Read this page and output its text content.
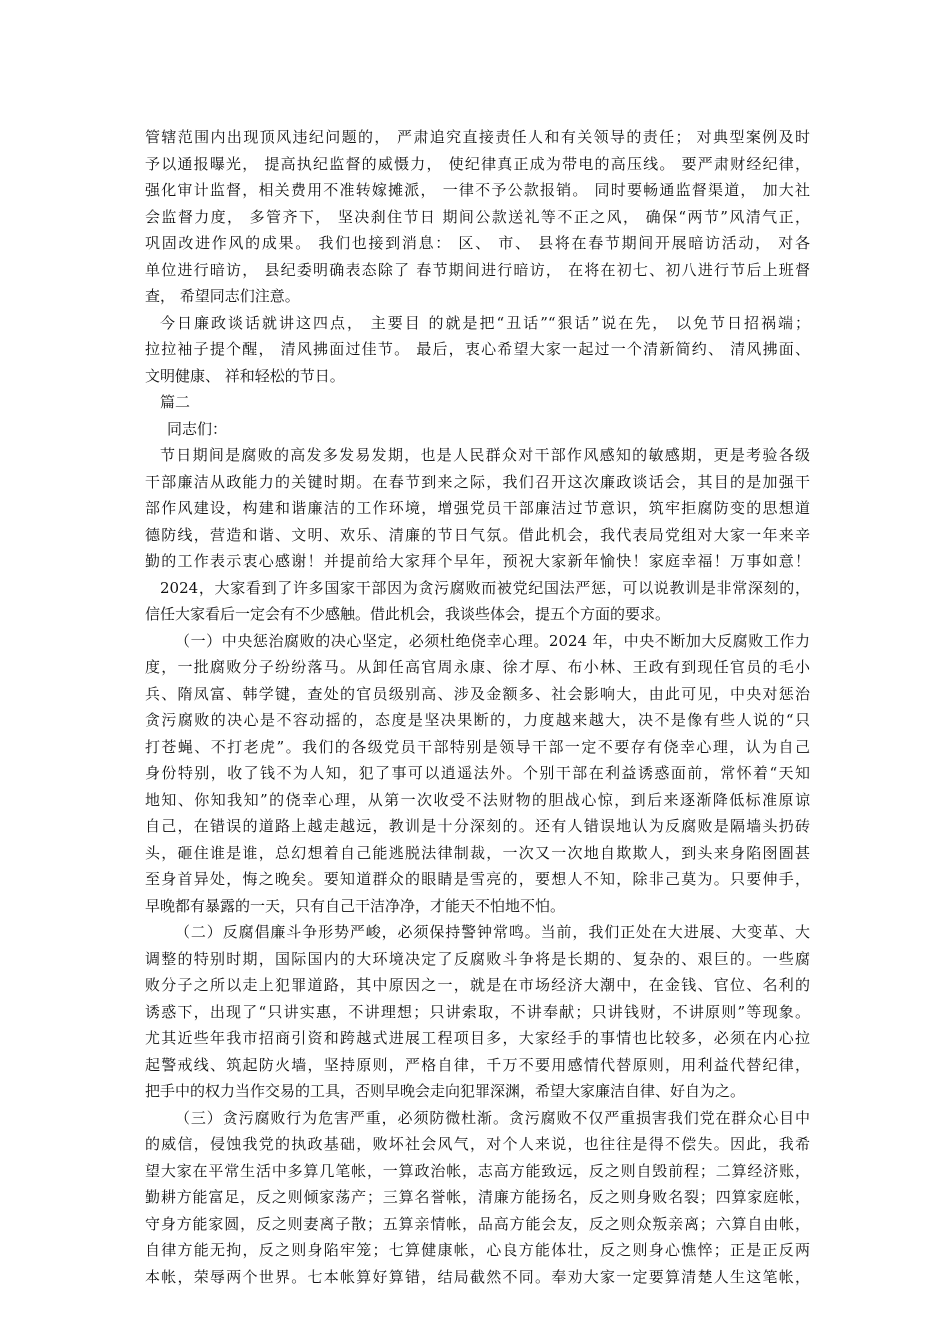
管辖范围内出现顶风违纪问题的， 严肃追究直接责任人和有关领导的责任； 对典型案例及时
予以通报曝光， 提高执纪监督的威慑力， 使纪律真正成为带电的高压线。 要严肃财经纪律，
强化审计监督，相关费用不准转嫁摊派， 一律不予公款报销。 同时要畅通监督渠道， 加大社
会监督力度， 多管齐下， 坚决刹住节日 期间公款送礼等不正之风， 确保“两节”风清气正，
巩固改进作风的成果。 我们也接到消息： 区、 市、 县将在春节期间开展暗访活动， 对各
单位进行暗访， 县纪委明确表态除了 春节期间进行暗访， 在将在初七、初八进行节后上班督
查， 希望同志们注意。
今日廉政谈话就讲这四点， 主要目 的就是把“丑话”“狠话”说在先， 以免节日招祸端；
拉拉袖子提个醒， 清风拂面过佳节。 最后，衷心希望大家一起过一个清新简约、 清风拂面、
文明健康、 祥和轻松的节日。
篇二
同志们：
节日期间是腐败的高发多发易发期，也是人民群众对干部作风感知的敏感期，更是考验各级
干部廉洁从政能力的关键时期。在春节到来之际，我们召开这次廉政谈话会，其目的是加强干
部作风建设，构建和谐廉洁的工作环境，增强党员干部廉洁过节意识，筑牢拒腐防变的思想道
德防线，营造和谐、文明、欢乐、清廉的节日气氛。借此机会，我代表局党组对大家一年来辛
勤的工作表示衷心感谢！并提前给大家拜个早年，预祝大家新年愉快！家庭幸福！万事如意！
2024，大家看到了许多国家干部因为贪污腐败而被党纪国法严惩，可以说教训是非常深刻的，
信任大家看后一定会有不少感触。借此机会，我谈些体会，提五个方面的要求。
（一）中央惩治腐败的决心坚定，必须杜绝侥幸心理。2024 年，中央不断加大反腐败工作力
度，一批腐败分子纷纷落马。从卸任高官周永康、徐才厚、布小林、王政有到现任官员的毛小
兵、隋凤富、韩学键，查处的官员级别高、涉及金额多、社会影响大，由此可见，中央对惩治
贪污腐败的决心是不容动摇的，态度是坚决果断的，力度越来越大，决不是像有些人说的“只
打苍蝇、不打老虎”。我们的各级党员干部特别是领导干部一定不要存有侥幸心理，认为自己
身份特别，收了钱不为人知，犯了事可以逍遥法外。个别干部在利益诱惑面前，常怀着“天知
地知、你知我知”的侥幸心理，从第一次收受不法财物的胆战心惊，到后来逐渐降低标准原谅
自己，在错误的道路上越走越远，教训是十分深刻的。还有人错误地认为反腐败是隔墙头扔砖
头，砸住谁是谁，总幻想着自己能逃脱法律制裁，一次又一次地自欺欺人，到头来身陷囹圄甚
至身首异处，悔之晚矣。要知道群众的眼睛是雪亮的，要想人不知，除非己莫为。只要伸手，
早晚都有暴露的一天，只有自己干洁净净，才能天不怕地不怕。
（二）反腐倡廉斗争形势严峻，必须保持警钟常鸣。当前，我们正处在大进展、大变革、大
调整的特别时期，国际国内的大环境决定了反腐败斗争将是长期的、复杂的、艰巨的。一些腐
败分子之所以走上犯罪道路，其中原因之一，就是在市场经济大潮中，在金钱、官位、名利的
诱惑下，出现了“只讲实惠，不讲理想；只讲索取，不讲奉献；只讲钱财，不讲原则”等现象。
尤其近些年我市招商引资和跨越式进展工程项目多，大家经手的事情也比较多，必须在内心拉
起警戒线、筑起防火墙，坚持原则，严格自律，千万不要用感情代替原则，用利益代替纪律，
把手中的权力当作交易的工具，否则早晚会走向犯罪深渊，希望大家廉洁自律、好自为之。
（三）贪污腐败行为危害严重，必须防微杜渐。贪污腐败不仅严重损害我们党在群众心目中
的威信，侵蚀我党的执政基础，败坏社会风气，对个人来说，也往往是得不偿失。因此，我希
望大家在平常生活中多算几笔帐，一算政治帐，志高方能致远，反之则自毁前程；二算经济账，
勤耕方能富足，反之则倾家荡产；三算名誉帐，清廉方能扬名，反之则身败名裂；四算家庭帐，
守身方能家圆，反之则妻离子散；五算亲情帐，品高方能会友，反之则众叛亲离；六算自由帐，
自律方能无拘，反之则身陷牢笼；七算健康帐，心良方能体壮，反之则身心憔悴；正是正反两
本帐，荣辱两个世界。七本帐算好算错，结局截然不同。奉劝大家一定要算清楚人生这笔帐，
